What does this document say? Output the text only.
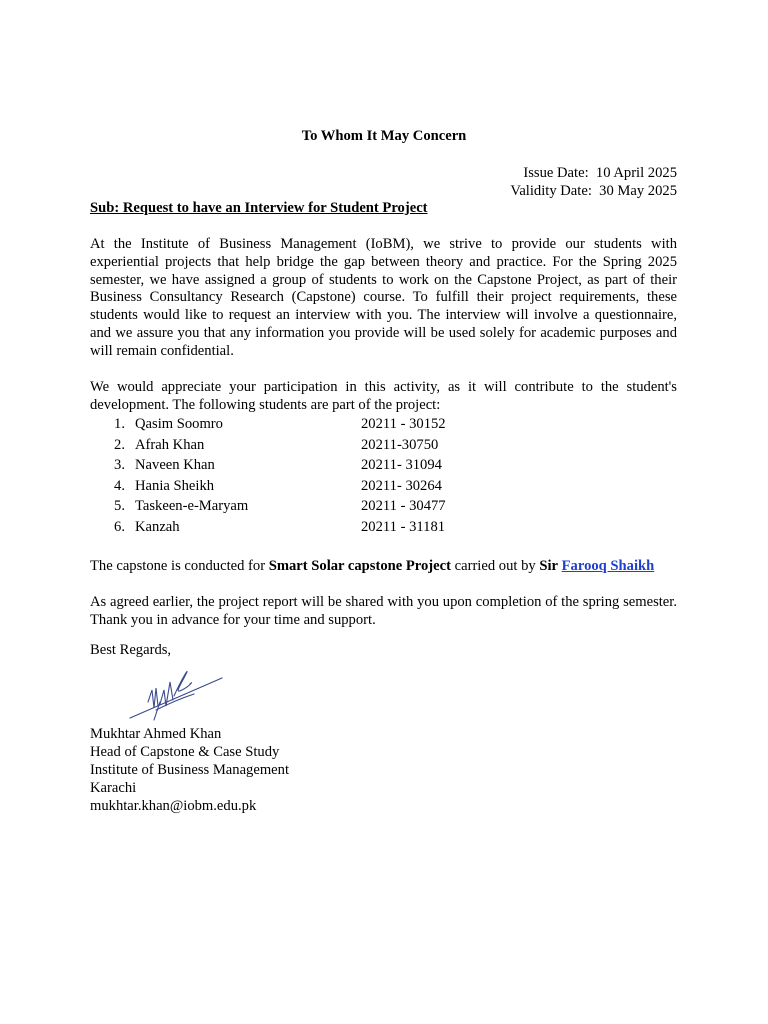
To Whom It May Concern
Issue Date:  10 April 2025
Validity Date:  30 May 2025
Sub: Request to have an Interview for Student Project

At the Institute of Business Management (IoBM), we strive to provide our students with experiential projects that help bridge the gap between theory and practice. For the Spring 2025 semester, we have assigned a group of students to work on the Capstone Project, as part of their Business Consultancy Research (Capstone) course. To fulfill their project requirements, these students would like to request an interview with you. The interview will involve a questionnaire, and we assure you that any information you provide will be used solely for academic purposes and will remain confidential.

We would appreciate your participation in this activity, as it will contribute to the student's development. The following students are part of the project:

1. Qasim Soomro	20211 - 30152
2. Afrah Khan	20211-30750
3. Naveen Khan	20211- 31094
4. Hania Sheikh	20211- 30264
5. Taskeen-e-Maryam	20211 - 30477
6. Kanzah	20211 - 31181

The capstone is conducted for Smart Solar capstone Project carried out by Sir Farooq Shaikh

As agreed earlier, the project report will be shared with you upon completion of the spring semester. Thank you in advance for your time and support.

Best Regards,
Mukhtar Ahmed Khan
Head of Capstone & Case Study
Institute of Business Management
Karachi
mukhtar.khan@iobm.edu.pk
